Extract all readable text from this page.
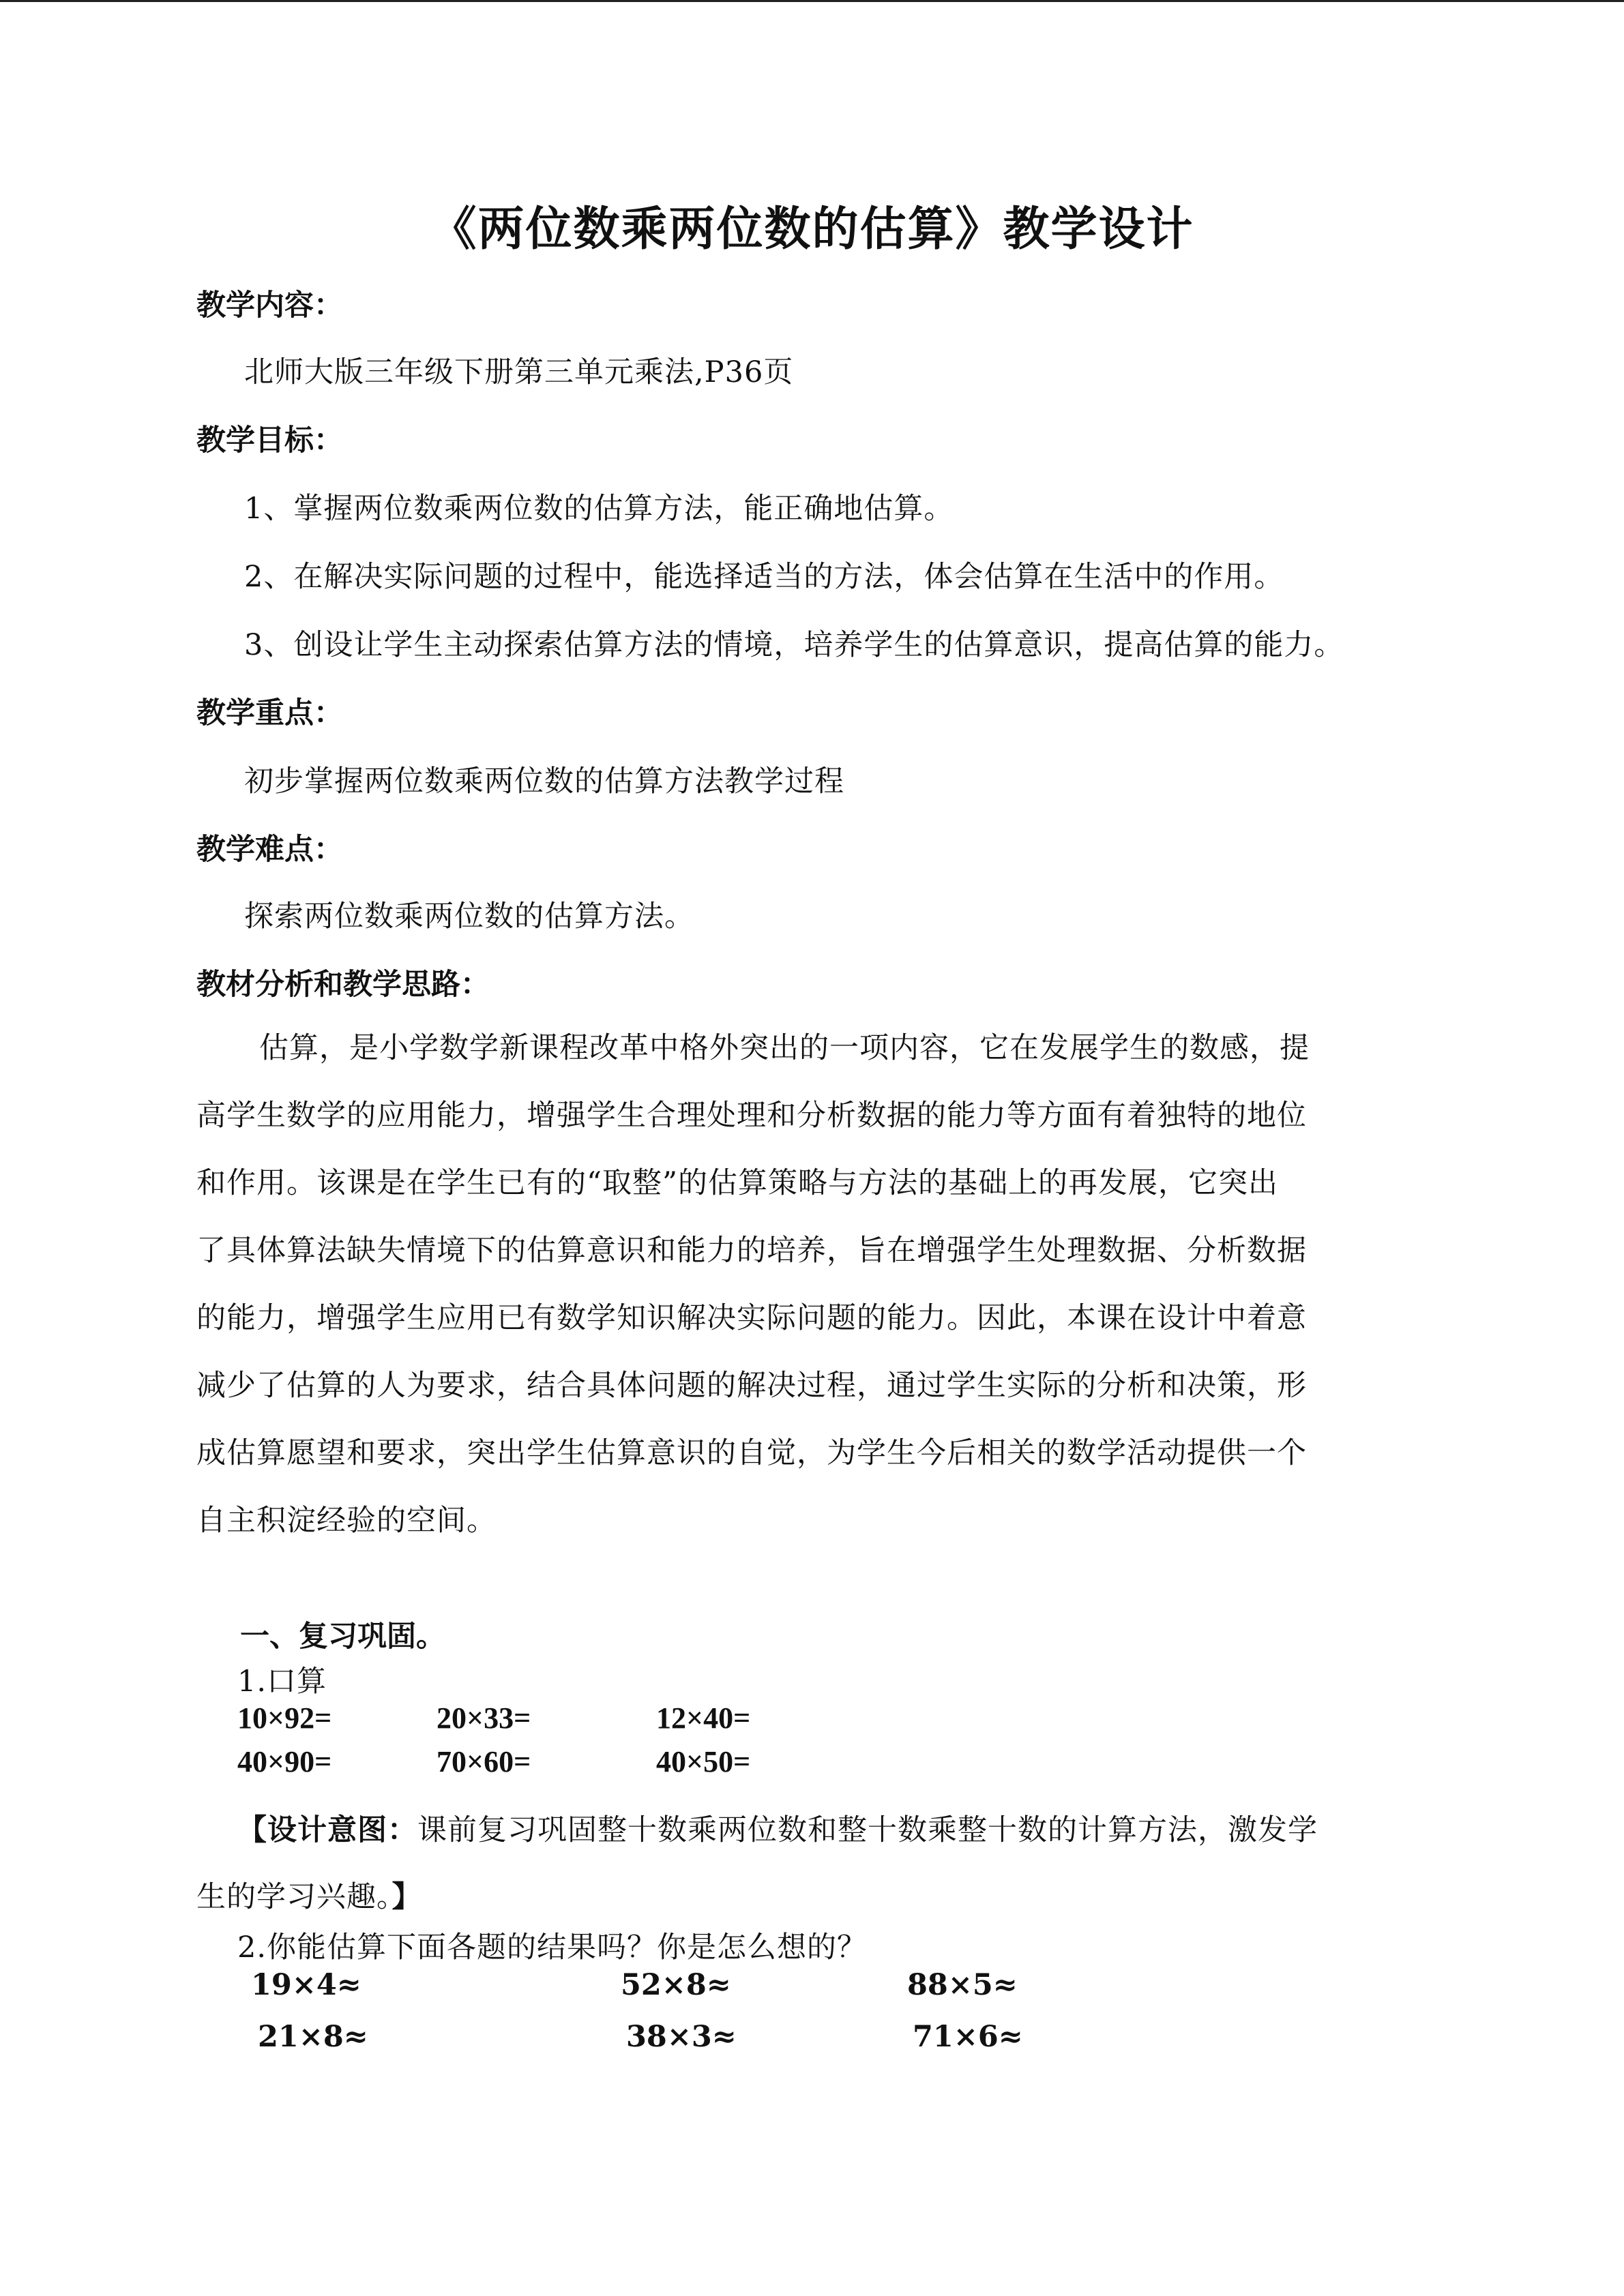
《两位数乘两位数的估算》教学设计
教学内容：
北师大版三年级下册第三单元乘法,P36页
教学目标：
1、掌握两位数乘两位数的估算方法，能正确地估算。
2、在解决实际问题的过程中，能选择适当的方法，体会估算在生活中的作用。
3、创设让学生主动探索估算方法的情境，培养学生的估算意识，提高估算的能力。
教学重点：
初步掌握两位数乘两位数的估算方法教学过程
教学难点：
探索两位数乘两位数的估算方法。
教材分析和教学思路：
估算，是小学数学新课程改革中格外突出的一项内容，它在发展学生的数感，提
高学生数学的应用能力，增强学生合理处理和分析数据的能力等方面有着独特的地位
和作用。该课是在学生已有的“取整”的估算策略与方法的基础上的再发展，它突出
了具体算法缺失情境下的估算意识和能力的培养，旨在增强学生处理数据、分析数据
的能力，增强学生应用已有数学知识解决实际问题的能力。因此，本课在设计中着意
减少了估算的人为要求，结合具体问题的解决过程，通过学生实际的分析和决策，形
成估算愿望和要求，突出学生估算意识的自觉，为学生今后相关的数学活动提供一个
自主积淀经验的空间。
一、复习巩固。
1.口算
10×92=	20×33=	12×40=
40×90=	70×60=	40×50=
【设计意图：课前复习巩固整十数乘两位数和整十数乘整十数的计算方法，激发学
生的学习兴趣。】
2.你能估算下面各题的结果吗？你是怎么想的？
19×4≈	52×8≈	88×5≈
21×8≈	38×3≈	71×6≈
